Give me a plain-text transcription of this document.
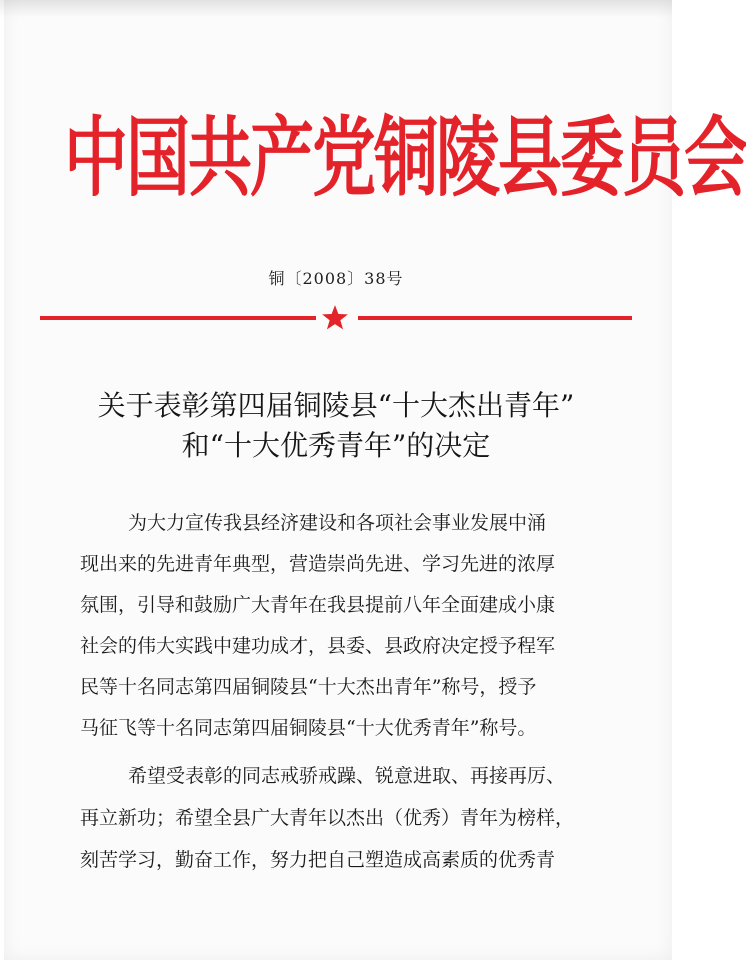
中国共产党铜陵县委员会
铜〔2008〕38号
关于表彰第四届铜陵县“十大杰出青年”
和“十大优秀青年”的决定

为大力宣传我县经济建设和各项社会事业发展中涌

现出来的先进青年典型，营造崇尚先进、学习先进的浓厚

氛围，引导和鼓励广大青年在我县提前八年全面建成小康

社会的伟大实践中建功成才，县委、县政府决定授予程军

民等十名同志第四届铜陵县“十大杰出青年”称号，授予

马征飞等十名同志第四届铜陵县“十大优秀青年”称号。

希望受表彰的同志戒骄戒躁、锐意进取、再接再厉、

再立新功；希望全县广大青年以杰出（优秀）青年为榜样，

刻苦学习，勤奋工作，努力把自己塑造成高素质的优秀青
